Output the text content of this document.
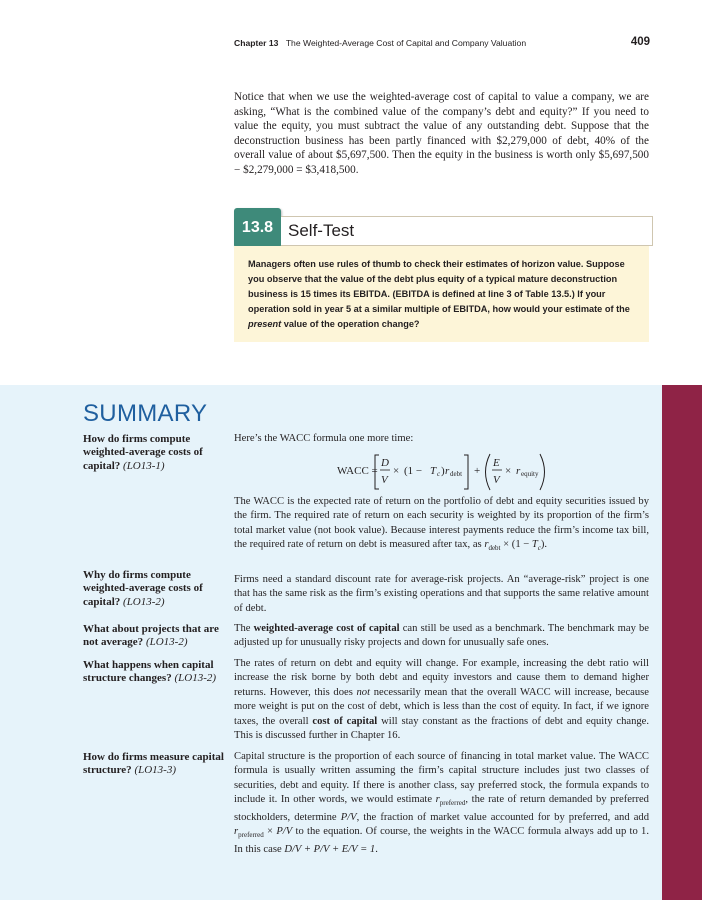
Chapter 13 The Weighted-Average Cost of Capital and Company Valuation	409

Notice that when we use the weighted-average cost of capital to value a company, we are asking, “What is the combined value of the company’s debt and equity?” If you need to value the equity, you must subtract the value of any outstanding debt. Suppose that the deconstruction business has been partly financed with $2,279,000 of debt, 40% of the overall value of about $5,697,500. Then the equity in the business is worth only $5,697,500 − $2,279,000 = $3,418,500.

13.8 Self-Test

Managers often use rules of thumb to check their estimates of horizon value. Suppose you observe that the value of the debt plus equity of a typical mature deconstruction business is 15 times its EBITDA. (EBITDA is defined at line 3 of Table 13.5.) If your operation sold in year 5 at a similar multiple of EBITDA, how would your estimate of the present value of the operation change?

SUMMARY
How do firms compute weighted-average costs of capital? (LO13-1)

Here’s the WACC formula one more time:

WACC =
D
V
× (1 − T c ) r debt +
E
V
× r equity

The WACC is the expected rate of return on the portfolio of debt and equity securities issued by the firm. The required rate of return on each security is weighted by its proportion of the firm’s total market value (not book value). Because interest payments reduce the firm’s income tax bill, the required rate of return on debt is measured after tax, as $r_{debt} \times (1 - T_c)$.

Why do firms compute weighted-average costs of capital? (LO13-2)

Firms need a standard discount rate for average-risk projects. An “average-risk” project is one that has the same risk as the firm’s existing operations and that supports the same relative amount of debt.

What about projects that are not average? (LO13-2)

The weighted-average cost of capital can still be used as a benchmark. The benchmark may be adjusted up for unusually risky projects and down for unusually safe ones.

What happens when capital structure changes? (LO13-2)

The rates of return on debt and equity will change. For example, increasing the debt ratio will increase the risk borne by both debt and equity investors and cause them to demand higher returns. However, this does not necessarily mean that the overall WACC will increase, because more weight is put on the cost of debt, which is less than the cost of equity. In fact, if we ignore taxes, the overall cost of capital will stay constant as the fractions of debt and equity change. This is discussed further in Chapter 16.

How do firms measure capital structure? (LO13-3)

Capital structure is the proportion of each source of financing in total market value. The WACC formula is usually written assuming the firm’s capital structure includes just two classes of securities, debt and equity. If there is another class, say preferred stock, the formula expands to include it. In other words, we would estimate $r_{preferred}$, the rate of return demanded by preferred stockholders, determine P/V, the fraction of market value accounted for by preferred, and add $r_{preferred} \times P/V$ to the equation. Of course, the weights in the WACC formula always add up to 1. In this case D/V + P/V + E/V = 1.
